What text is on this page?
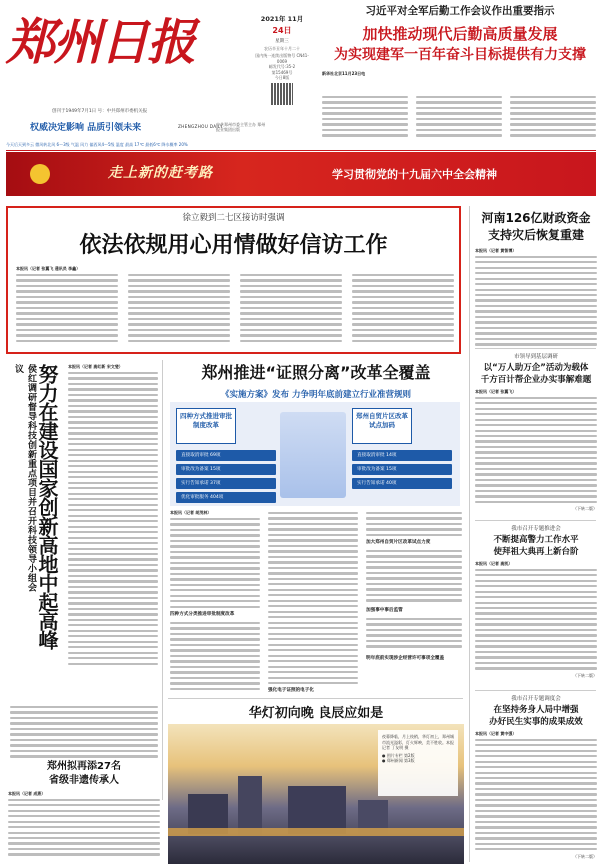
郑州日报
创刊于1949年7月1日 号：中共郑州市委机关报
ZHENGZHOU DAILY
权威决定影响 品质引领未来	中共郑州市委主管主办 郑州报业集团出版
2021年 11月
24日
星期三
农历辛丑年十月二十
国内统一连续出版物号 CN41-0069
邮发代号:35-2
第15469号
今日8版
习近平对全军后勤工作会议作出重要指示
加快推动现代后勤高质量发展
为实现建军一百年奋斗目标提供有力支撑
新华社北京11月23日电
今天后天到多云 微风转北风 6～3级 气温 风力 偏西风4～5级 温度 最高 17℃ 最低6℃ 降水概率 20%
走上新的赶考路	学习贯彻党的十九届六中全会精神
徐立毅到二七区接访时强调
依法依规用心用情做好信访工作
本报讯（记者 张翼飞 通讯员 李鑫）
河南126亿财政资金
支持灾后恢复重建
本报讯（记者 黄智博）
市领导到基层调研
以“万人助万企”活动为载体
千方百计帮企业办实事解难题
本报讯（记者 张翼飞）
（下转二版）
我市召开专题推进会
不断提高警力工作水平
使拜祖大典再上新台阶
本报讯（记者 高凯）
（下转二版）
我市召开专题调度会
在坚持务身人局中增强
办好民生实事的成果成效
本报讯（记者 黄中强）
（下转二版）
侯红调研督导科技创新重点项目并召开科技领导小组会议 努力在建设国家创新高地中起高峰 本报讯（记者 高红新 宋文斐）	郑州推进“证照分离”改革全覆盖
《实施方案》发布 力争明年底前建立行业准营规则
四种方式推进审批制度改革
直接取消审批 69项
审批改为备案 15项
实行告知承诺 37项
优化审批服务 404项
郑州自贸片区改革试点加码
直接取消审批 14项
审批改为备案 15项
实行告知承诺 40项
本报讯（记者 胡茂林）
四种方式分类推进审批制度改革
强化电子证照的电子化
加大郑州自贸片区改革试点力度
加强事中事后监管
明年底前实现涉企经营许可事项全覆盖
华灯初向晚 良辰应如是
夜幕降临，月上枝梢，华灯初上，郑州城市流光溢彩，灯火辉映，美不胜收。本报记者 丁友明 摄
● 图片专栏 第2版
● 郑州新闻 第3版
郑州拟再添27名
省级非遗传承人
本报讯（记者 成燕）
